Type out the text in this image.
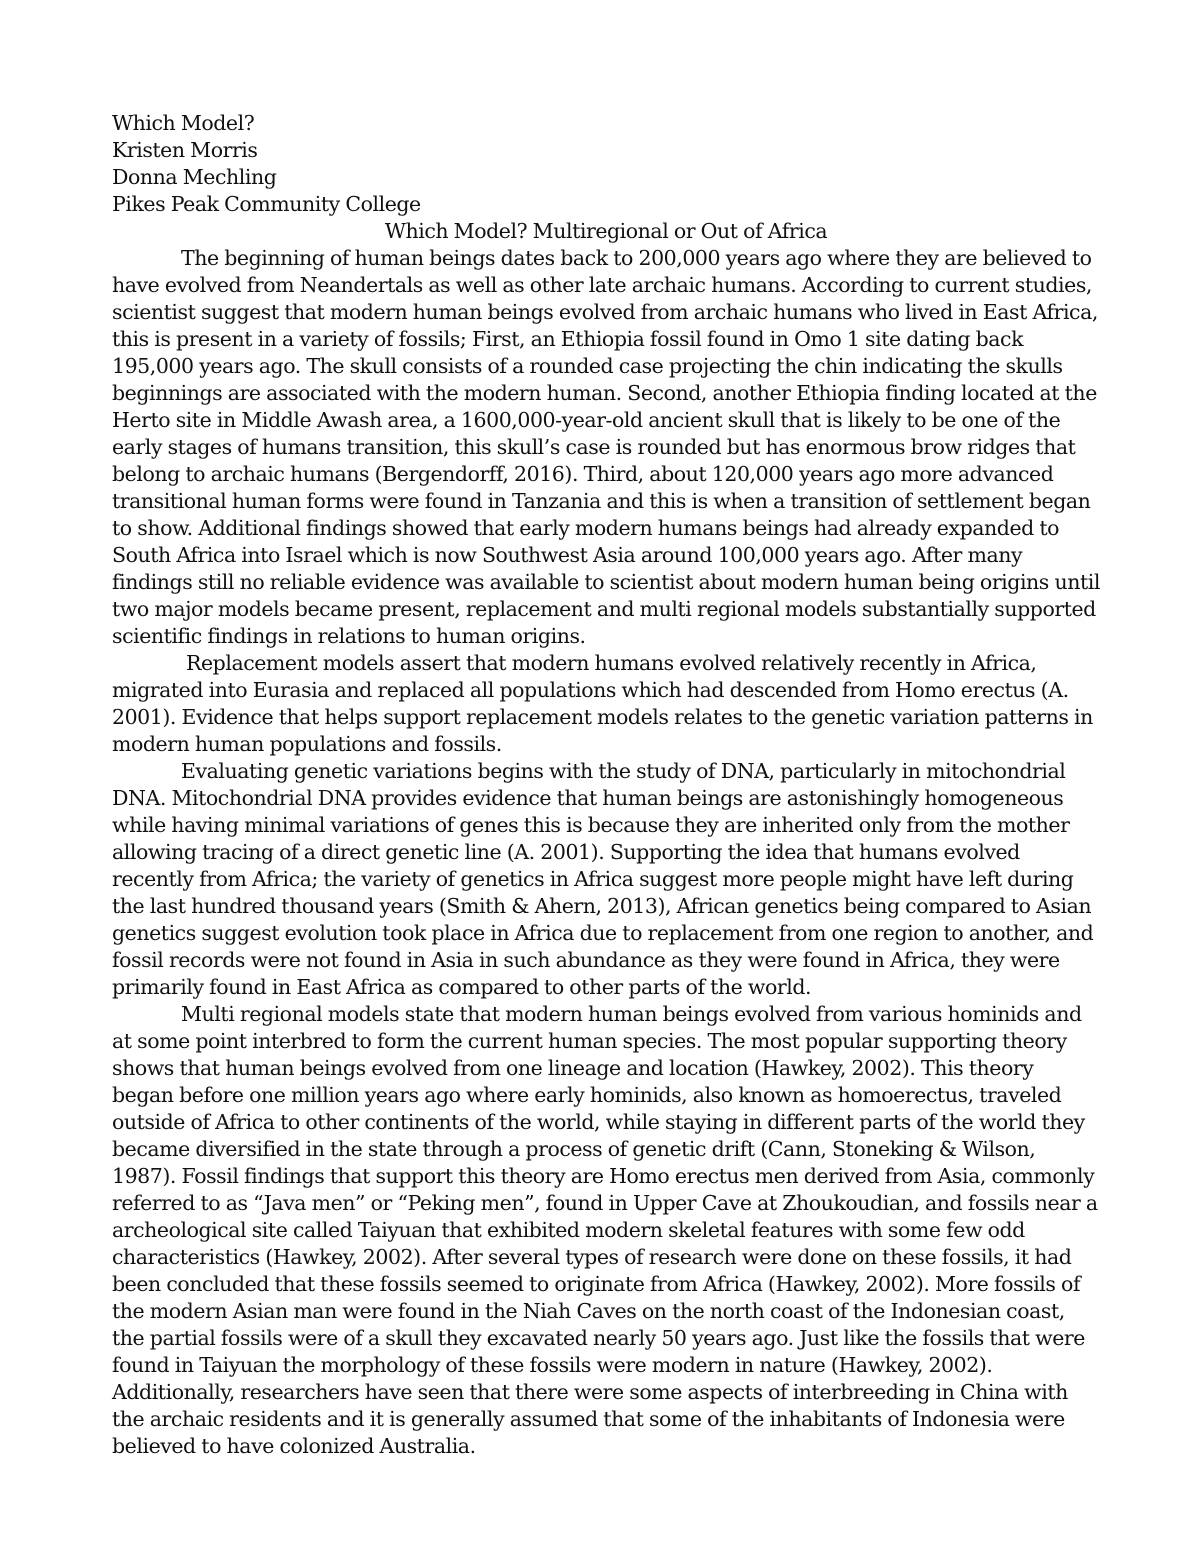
Which Model?
Kristen Morris
Donna Mechling
Pikes Peak Community College
Which Model? Multiregional or Out of Africa

The beginning of human beings dates back to 200,000 years ago where they are believed to have evolved from Neandertals as well as other late archaic humans. According to current studies, scientist suggest that modern human beings evolved from archaic humans who lived in East Africa, this is present in a variety of fossils; First, an Ethiopia fossil found in Omo 1 site dating back 195,000 years ago. The skull consists of a rounded case projecting the chin indicating the skulls beginnings are associated with the modern human. Second, another Ethiopia finding located at the Herto site in Middle Awash area, a 1600,000-year-old ancient skull that is likely to be one of the early stages of humans transition, this skull’s case is rounded but has enormous brow ridges that belong to archaic humans (Bergendorff, 2016). Third, about 120,000 years ago more advanced transitional human forms were found in Tanzania and this is when a transition of settlement began to show. Additional findings showed that early modern humans beings had already expanded to South Africa into Israel which is now Southwest Asia around 100,000 years ago. After many findings still no reliable evidence was available to scientist about modern human being origins until two major models became present, replacement and multi regional models substantially supported scientific findings in relations to human origins.

Replacement models assert that modern humans evolved relatively recently in Africa, migrated into Eurasia and replaced all populations which had descended from Homo erectus (A. 2001). Evidence that helps support replacement models relates to the genetic variation patterns in modern human populations and fossils.

Evaluating genetic variations begins with the study of DNA, particularly in mitochondrial DNA. Mitochondrial DNA provides evidence that human beings are astonishingly homogeneous while having minimal variations of genes this is because they are inherited only from the mother allowing tracing of a direct genetic line (A. 2001). Supporting the idea that humans evolved recently from Africa; the variety of genetics in Africa suggest more people might have left during the last hundred thousand years (Smith & Ahern, 2013), African genetics being compared to Asian genetics suggest evolution took place in Africa due to replacement from one region to another, and fossil records were not found in Asia in such abundance as they were found in Africa, they were primarily found in East Africa as compared to other parts of the world.

Multi regional models state that modern human beings evolved from various hominids and at some point interbred to form the current human species. The most popular supporting theory shows that human beings evolved from one lineage and location (Hawkey, 2002). This theory began before one million years ago where early hominids, also known as homoerectus, traveled outside of Africa to other continents of the world, while staying in different parts of the world they became diversified in the state through a process of genetic drift (Cann, Stoneking & Wilson, 1987). Fossil findings that support this theory are Homo erectus men derived from Asia, commonly referred to as “Java men” or “Peking men”, found in Upper Cave at Zhoukoudian, and fossils near a archeological site called Taiyuan that exhibited modern skeletal features with some few odd characteristics (Hawkey, 2002). After several types of research were done on these fossils, it had been concluded that these fossils seemed to originate from Africa (Hawkey, 2002). More fossils of the modern Asian man were found in the Niah Caves on the north coast of the Indonesian coast, the partial fossils were of a skull they excavated nearly 50 years ago. Just like the fossils that were found in Taiyuan the morphology of these fossils were modern in nature (Hawkey, 2002). Additionally, researchers have seen that there were some aspects of interbreeding in China with the archaic residents and it is generally assumed that some of the inhabitants of Indonesia were believed to have colonized Australia.
